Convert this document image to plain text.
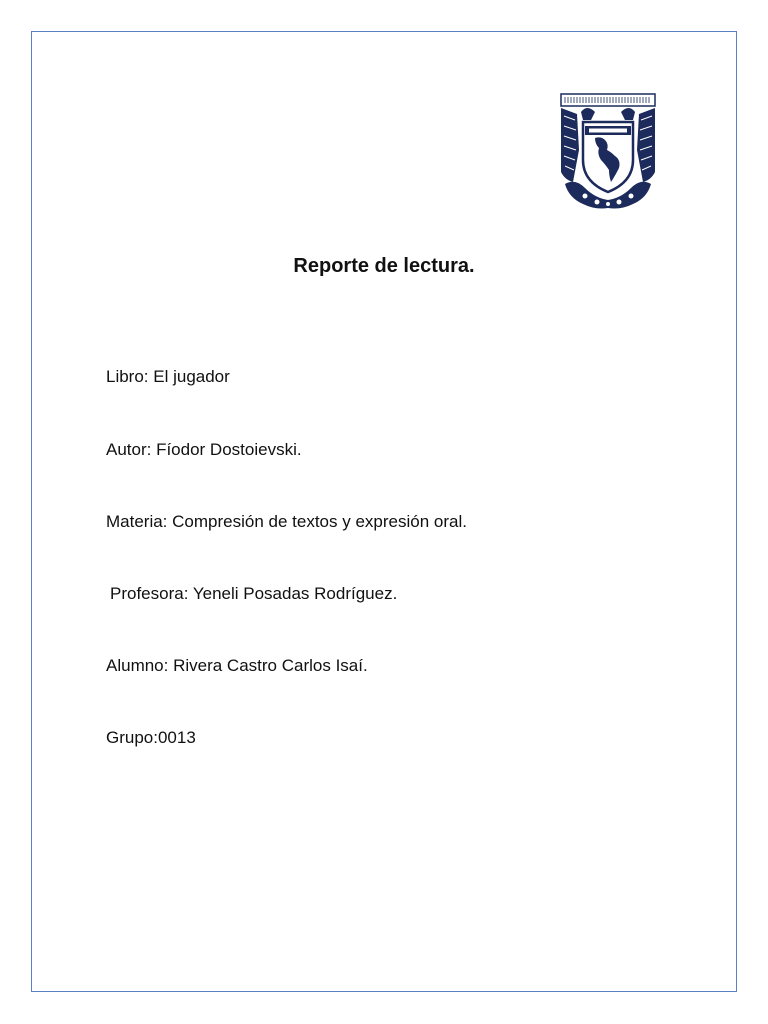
Reporte de lectura.
Libro: El jugador
Autor: Fíodor Dostoievski.
Materia: Compresión de textos y expresión oral.
Profesora: Yeneli Posadas Rodríguez.
Alumno: Rivera Castro Carlos Isaí.
Grupo:0013
